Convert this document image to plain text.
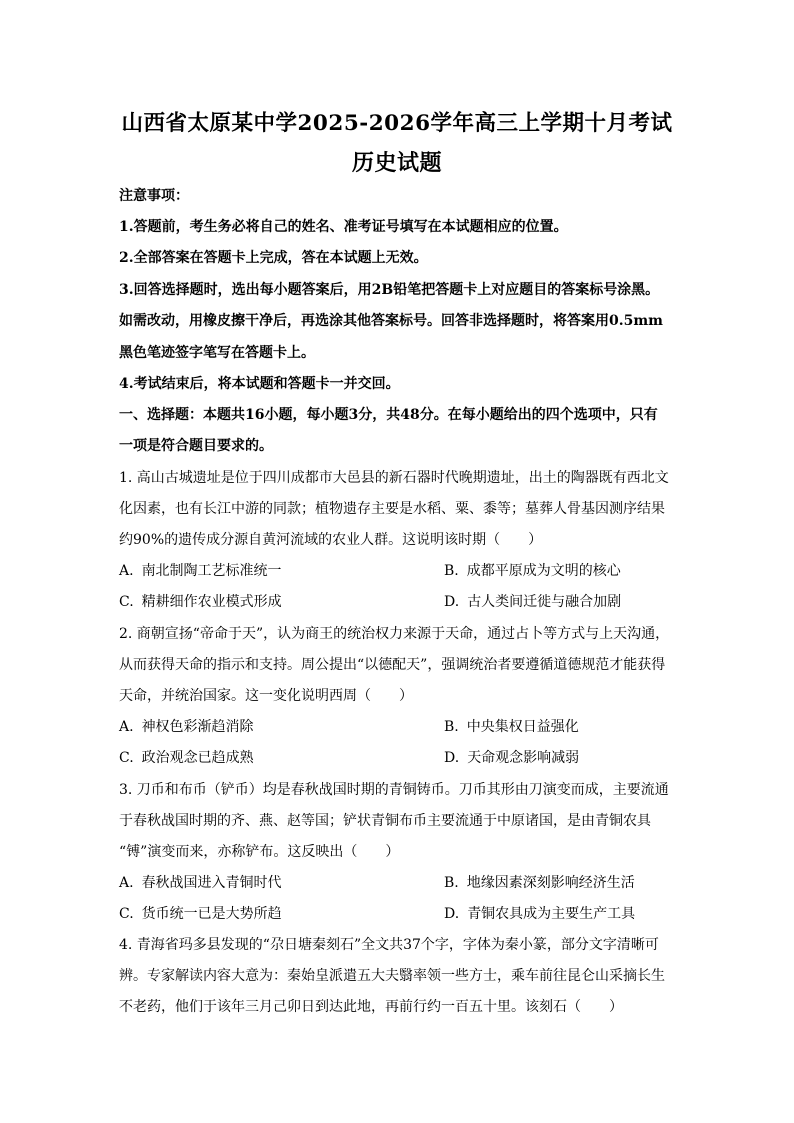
山西省太原某中学2025-2026学年高三上学期十月考试
历史试题
注意事项：
1.答题前，考生务必将自己的姓名、准考证号填写在本试题相应的位置。
2.全部答案在答题卡上完成，答在本试题上无效。
3.回答选择题时，选出每小题答案后，用2B铅笔把答题卡上对应题目的答案标号涂黑。
如需改动，用橡皮擦干净后，再选涂其他答案标号。回答非选择题时，将答案用0.5mm
黑色笔迹签字笔写在答题卡上。
4.考试结束后，将本试题和答题卡一并交回。
一、选择题：本题共16小题，每小题3分，共48分。在每小题给出的四个选项中，只有
一项是符合题目要求的。
1. 高山古城遗址是位于四川成都市大邑县的新石器时代晚期遗址，出土的陶器既有西北文
化因素，也有长江中游的同款；植物遗存主要是水稻、粟、黍等；墓葬人骨基因测序结果
约90%的遗传成分源自黄河流域的农业人群。这说明该时期（　　）
A. 南北制陶工艺标准统一	B. 成都平原成为文明的核心
C. 精耕细作农业模式形成	D. 古人类间迁徙与融合加剧
2. 商朝宣扬“帝命于天”，认为商王的统治权力来源于天命，通过占卜等方式与上天沟通，
从而获得天命的指示和支持。周公提出“以德配天”，强调统治者要遵循道德规范才能获得
天命，并统治国家。这一变化说明西周（　　）
A. 神权色彩渐趋消除	B. 中央集权日益强化
C. 政治观念已趋成熟	D. 天命观念影响减弱
3. 刀币和布币（铲币）均是春秋战国时期的青铜铸币。刀币其形由刀演变而成，主要流通
于春秋战国时期的齐、燕、赵等国；铲状青铜布币主要流通于中原诸国，是由青铜农具
“镈”演变而来，亦称铲布。这反映出（　　）
A. 春秋战国进入青铜时代	B. 地缘因素深刻影响经济生活
C. 货币统一已是大势所趋	D. 青铜农具成为主要生产工具
4. 青海省玛多县发现的“尕日塘秦刻石”全文共37个字，字体为秦小篆，部分文字清晰可
辨。专家解读内容大意为：秦始皇派遣五大夫翳率领一些方士，乘车前往昆仑山采摘长生
不老药，他们于该年三月己卯日到达此地，再前行约一百五十里。该刻石（　　）
